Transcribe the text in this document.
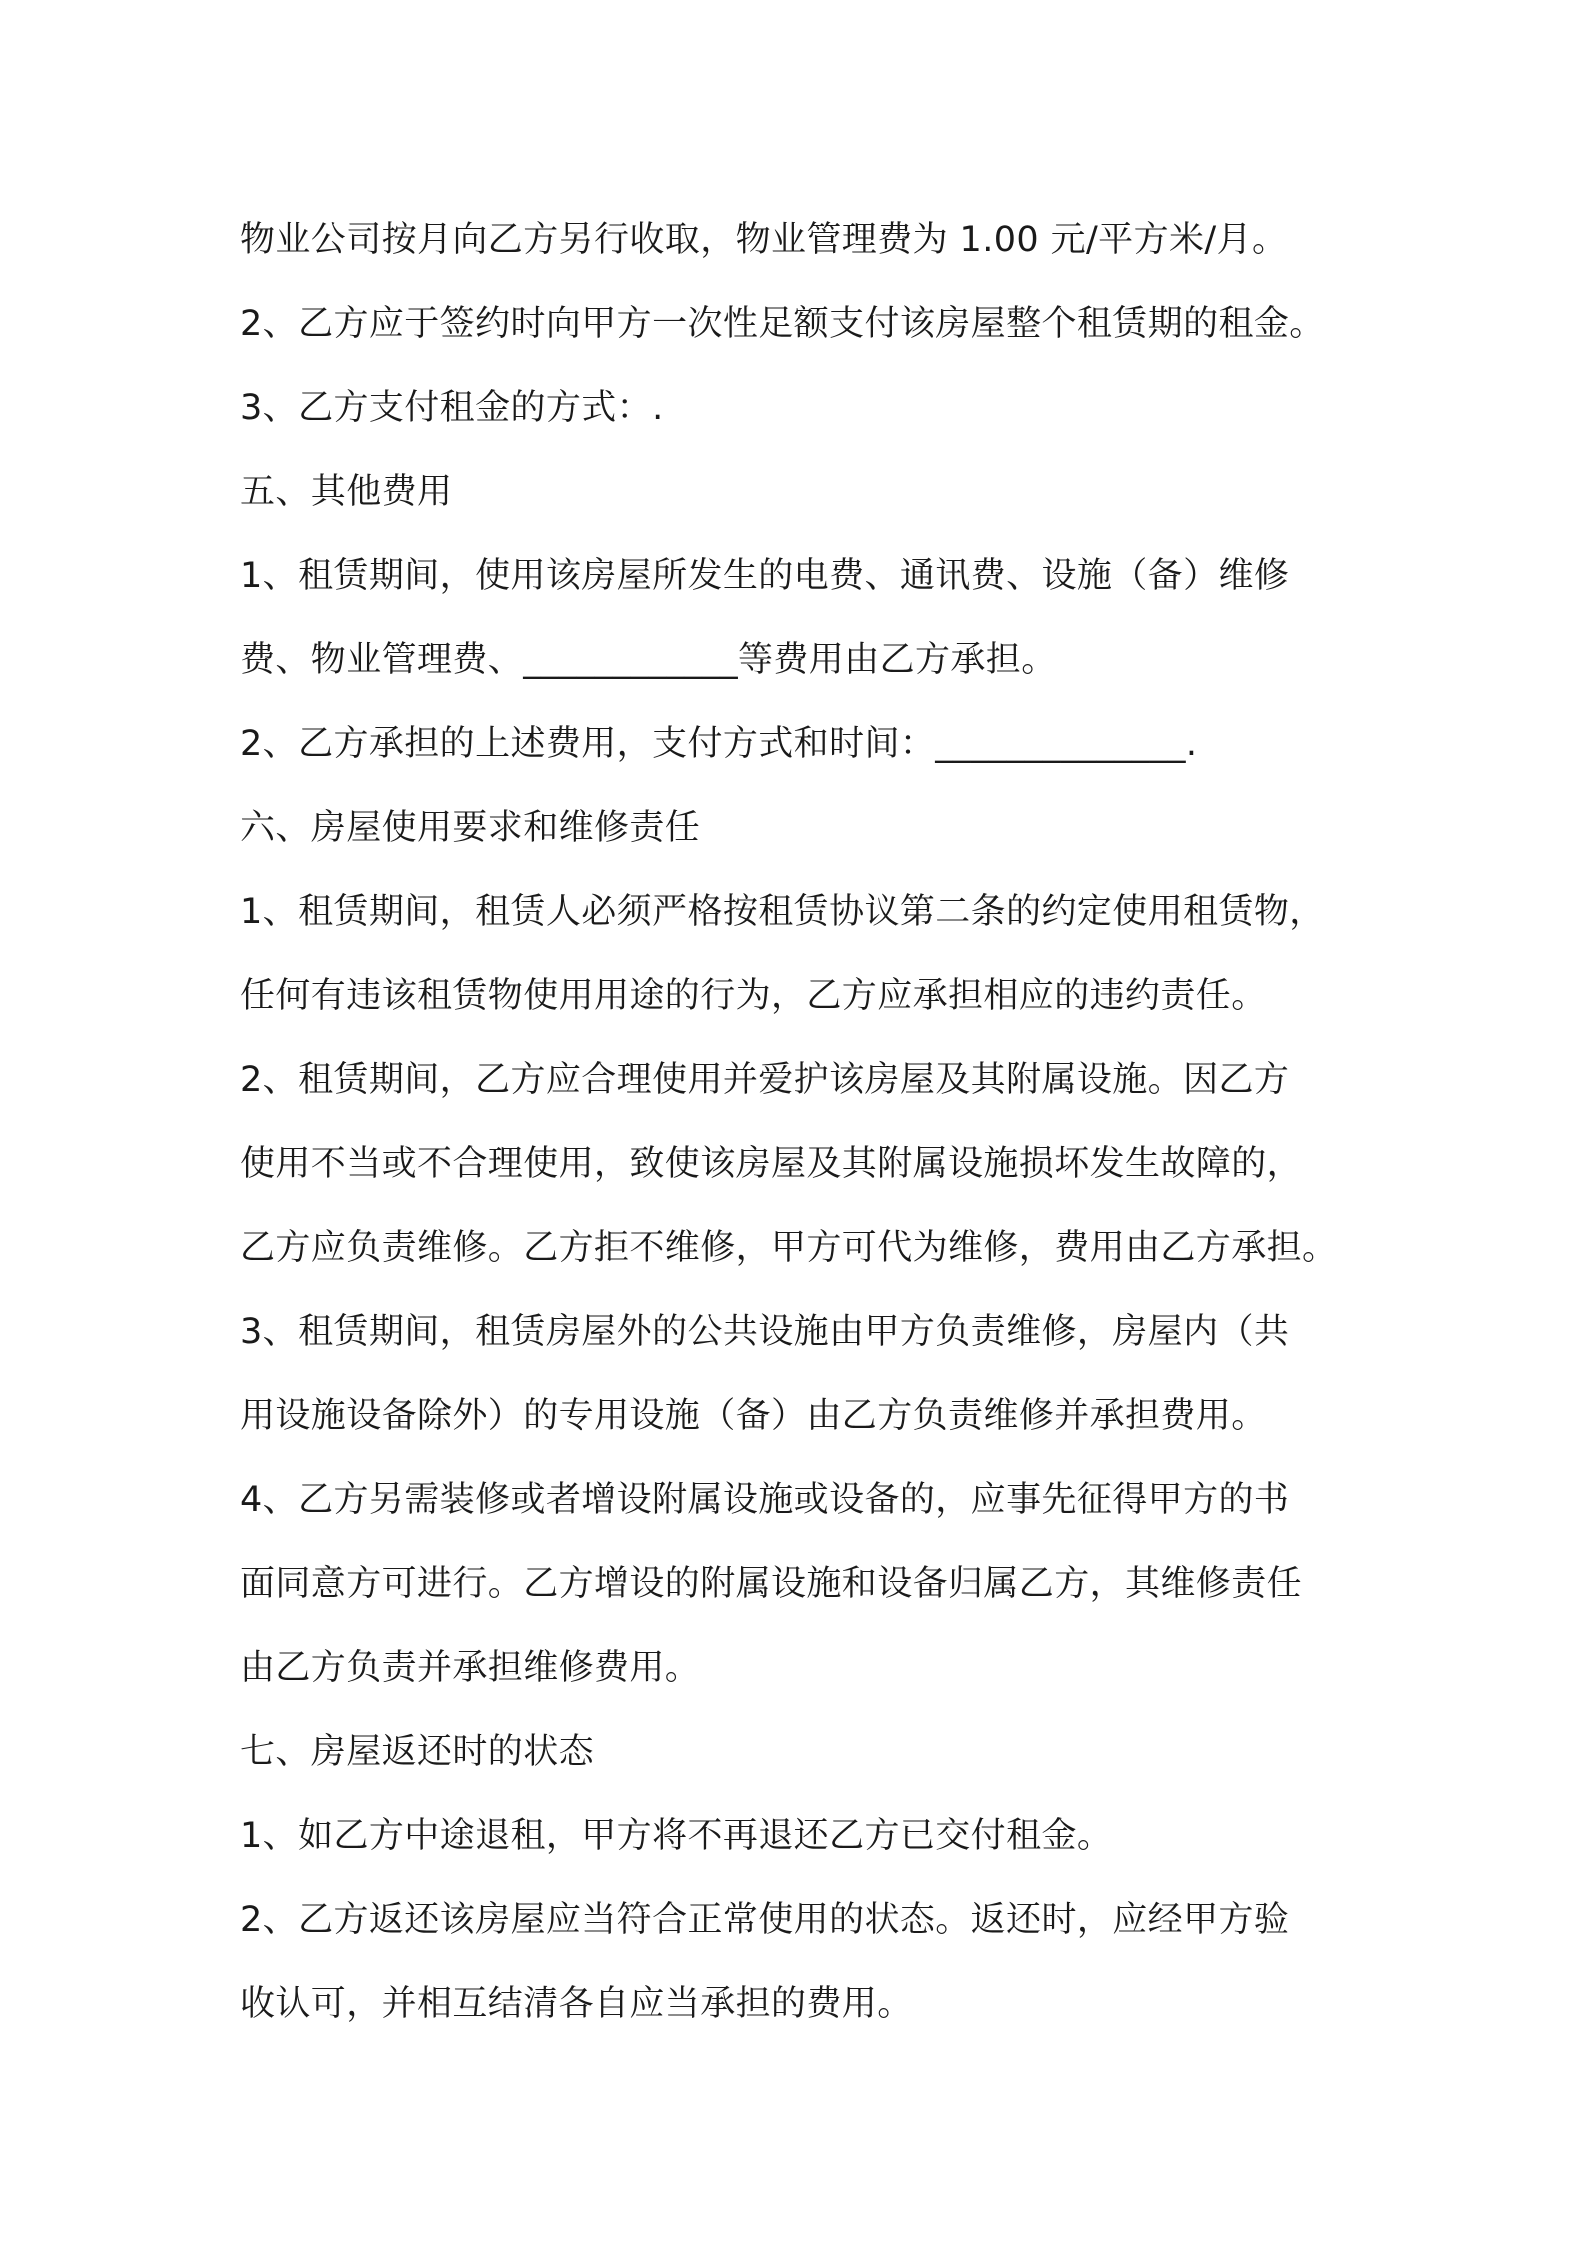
物业公司按月向乙方另行收取，物业管理费为 1.00 元/平方米/月。
2、乙方应于签约时向甲方一次性足额支付该房屋整个租赁期的租金。
3、乙方支付租金的方式：.
五、其他费用
1、租赁期间，使用该房屋所发生的电费、通讯费、设施（备）维修
费、物业管理费、____________等费用由乙方承担。
2、乙方承担的上述费用，支付方式和时间：______________.
六、房屋使用要求和维修责任
1、租赁期间，租赁人必须严格按租赁协议第二条的约定使用租赁物，
任何有违该租赁物使用用途的行为，乙方应承担相应的违约责任。
2、租赁期间，乙方应合理使用并爱护该房屋及其附属设施。因乙方
使用不当或不合理使用，致使该房屋及其附属设施损坏发生故障的，
乙方应负责维修。乙方拒不维修，甲方可代为维修，费用由乙方承担。
3、租赁期间，租赁房屋外的公共设施由甲方负责维修，房屋内（共
用设施设备除外）的专用设施（备）由乙方负责维修并承担费用。
4、乙方另需装修或者增设附属设施或设备的，应事先征得甲方的书
面同意方可进行。乙方增设的附属设施和设备归属乙方，其维修责任
由乙方负责并承担维修费用。
七、房屋返还时的状态
1、如乙方中途退租，甲方将不再退还乙方已交付租金。
2、乙方返还该房屋应当符合正常使用的状态。返还时，应经甲方验
收认可，并相互结清各自应当承担的费用。
